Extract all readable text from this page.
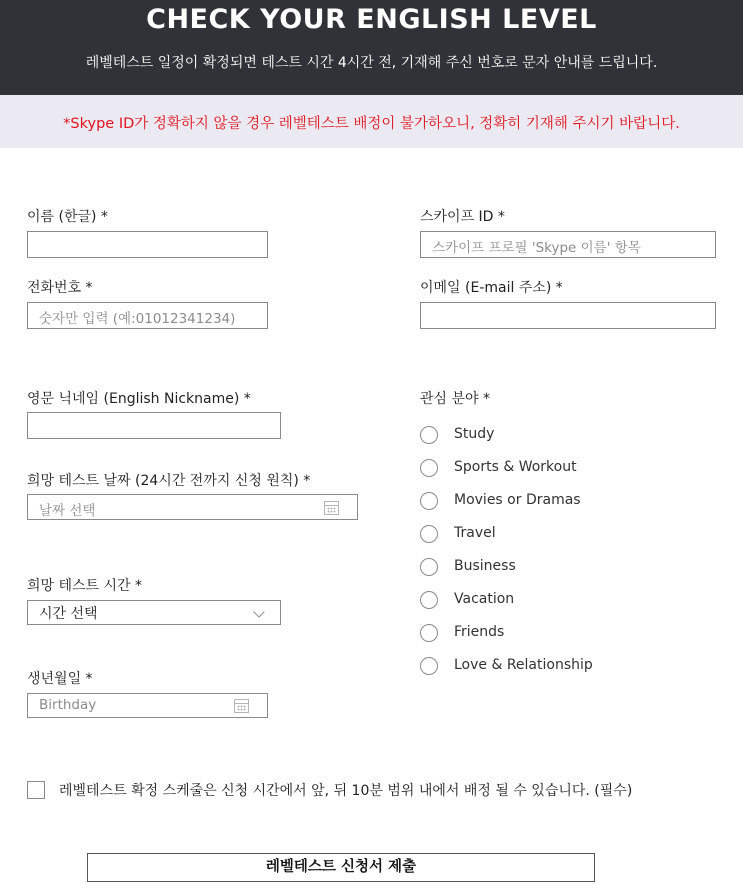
CHECK YOUR ENGLISH LEVEL
레벨테스트 일정이 확정되면 테스트 시간 4시간 전, 기재해 주신 번호로 문자 안내를 드립니다.
*Skype ID가 정확하지 않을 경우 레벨테스트 배정이 불가하오니, 정확히 기재해 주시기 바랍니다.
이름 (한글) *
전화번호 *
숫자만 입력 (예:01012341234)
영문 닉네임 (English Nickname) *
희망 테스트 날짜 (24시간 전까지 신청 원칙) *
날짜 선택
희망 테스트 시간 *
시간 선택
생년월일 *
Birthday
스카이프 ID *
스카이프 프로필 'Skype 이름' 항목
이메일 (E-mail 주소) *
관심 분야 *
Study
Sports & Workout
Movies or Dramas
Travel
Business
Vacation
Friends
Love & Relationship
레벨테스트 확정 스케줄은 신청 시간에서 앞, 뒤 10분 범위 내에서 배정 될 수 있습니다. (필수)
레벨테스트 신청서 제출
